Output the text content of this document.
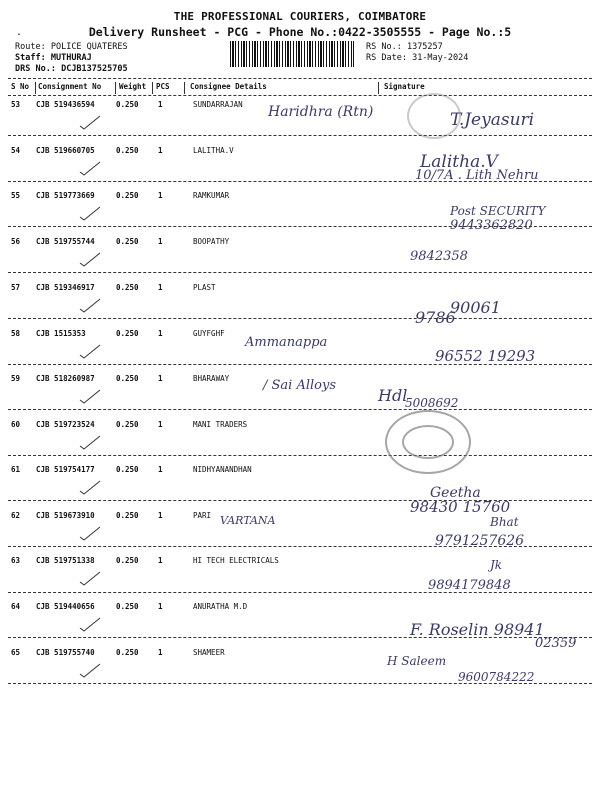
THE PROFESSIONAL COURIERS, COIMBATORE
Delivery Runsheet - PCG - Phone No.:0422-3505555 - Page No.:5
.
Route: POLICE QUATERES
Staff: MUTHURAJ
DRS No.: DCJB137525705
RS No.: 1375257
RS Date: 31-May-2024
S No Consignment No Weight PCS	Consignee Details	Signature
53 CJB 519436594	0.250	1	SUNDARRAJAN Haridhra (Rtn)	T.Jeyasuri
54 CJB 519660705	0.250	1	LALITHA.V
Lalitha.V
10/7A . Lith Nehru
55 CJB 519773669	0.250	1	RAMKUMAR
Post SECURITY
9443362820
56 CJB 519755744	0.250	1	BOOPATHY
9842358
57 CJB 519346917	0.250	1	PLAST
90061
9786
58 CJB 1515353	0.250	1	GUYFGHF
Ammanappa
96552 19293
59 CJB 518260987	0.250	1	BHARAWAY	/ Sai Alloys
Hdl
5008692
60 CJB 519723524	0.250	1	MANI TRADERS
61 CJB 519754177	0.250	1	NIDHYANANDHAN
Geetha
98430 15760
62 CJB 519673910	0.250	1	PARI VARTANA	Bhat
9791257626
63 CJB 519751338	0.250	1	HI TECH ELECTRICALS	Jk
9894179848
64 CJB 519440656	0.250	1	ANURATHA M.D
F. Roselin 98941
02359
65 CJB 519755740	0.250	1	SHAMEER
H Saleem
9600784222
